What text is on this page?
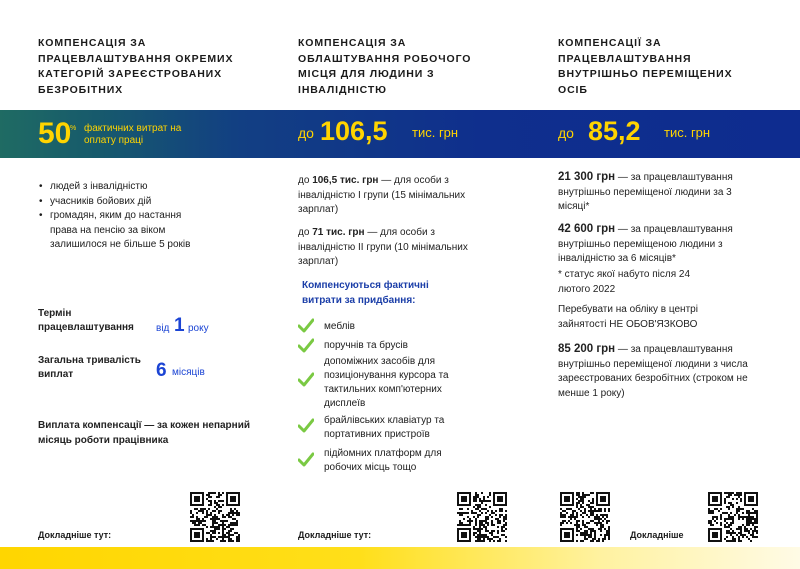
КОМПЕНСАЦІЯ ЗА ПРАЦЕВЛАШТУВАННЯ ОКРЕМИХ КАТЕГОРІЙ ЗАРЕЄСТРОВАНИХ БЕЗРОБІТНИХ
КОМПЕНСАЦІЯ ЗА ОБЛАШТУВАННЯ РОБОЧОГО МІСЦЯ ДЛЯ ЛЮДИНИ З ІНВАЛІДНІСТЮ
КОМПЕНСАЦІЇ ЗА ПРАЦЕВЛАШТУВАННЯ ВНУТРІШНЬО ПЕРЕМІЩЕНИХ ОСІБ
50
% фактичних витрат на оплату праці	до 106,5 тис. грн	до 85,2 тис. грн
• людей з інвалідністю
• учасників бойових дій
• громадян, яким до настання права на пенсію за віком залишилося не більше 5 років
Термін працевлаштування	від 1 року
Загальна тривалість виплат	6 місяців
Виплата компенсації — за кожен непарний місяць роботи працівника
до 106,5 тис. грн — для особи з інвалідністю I групи (15 мінімальних зарплат)
до 71 тис. грн — для особи з інвалідністю II групи (10 мінімальних зарплат)
Компенсуються фактичні витрати за придбання:
меблів
поручнів та брусів
допоміжних засобів для позиціонування курсора та тактильних комп'ютерних дисплеїв
брайлівських клавіатур та портативних пристроїв
підйомних платформ для робочих місць тощо
21 300 грн — за працевлаштування внутрішньо переміщеної людини за 3 місяці*
42 600 грн — за працевлаштування внутрішньо переміщеною людини з інвалідністю за 6 місяців*
* статус якої набуто після 24 лютого 2022
Перебувати на обліку в центрі зайнятості НЕ ОБОВ'ЯЗКОВО
85 200 грн — за працевлаштування внутрішньо переміщеної людини з числа зареєстрованих безробітних (строком не менше 1 року)
Докладніше тут:	Докладніше тут:	Докладніше
